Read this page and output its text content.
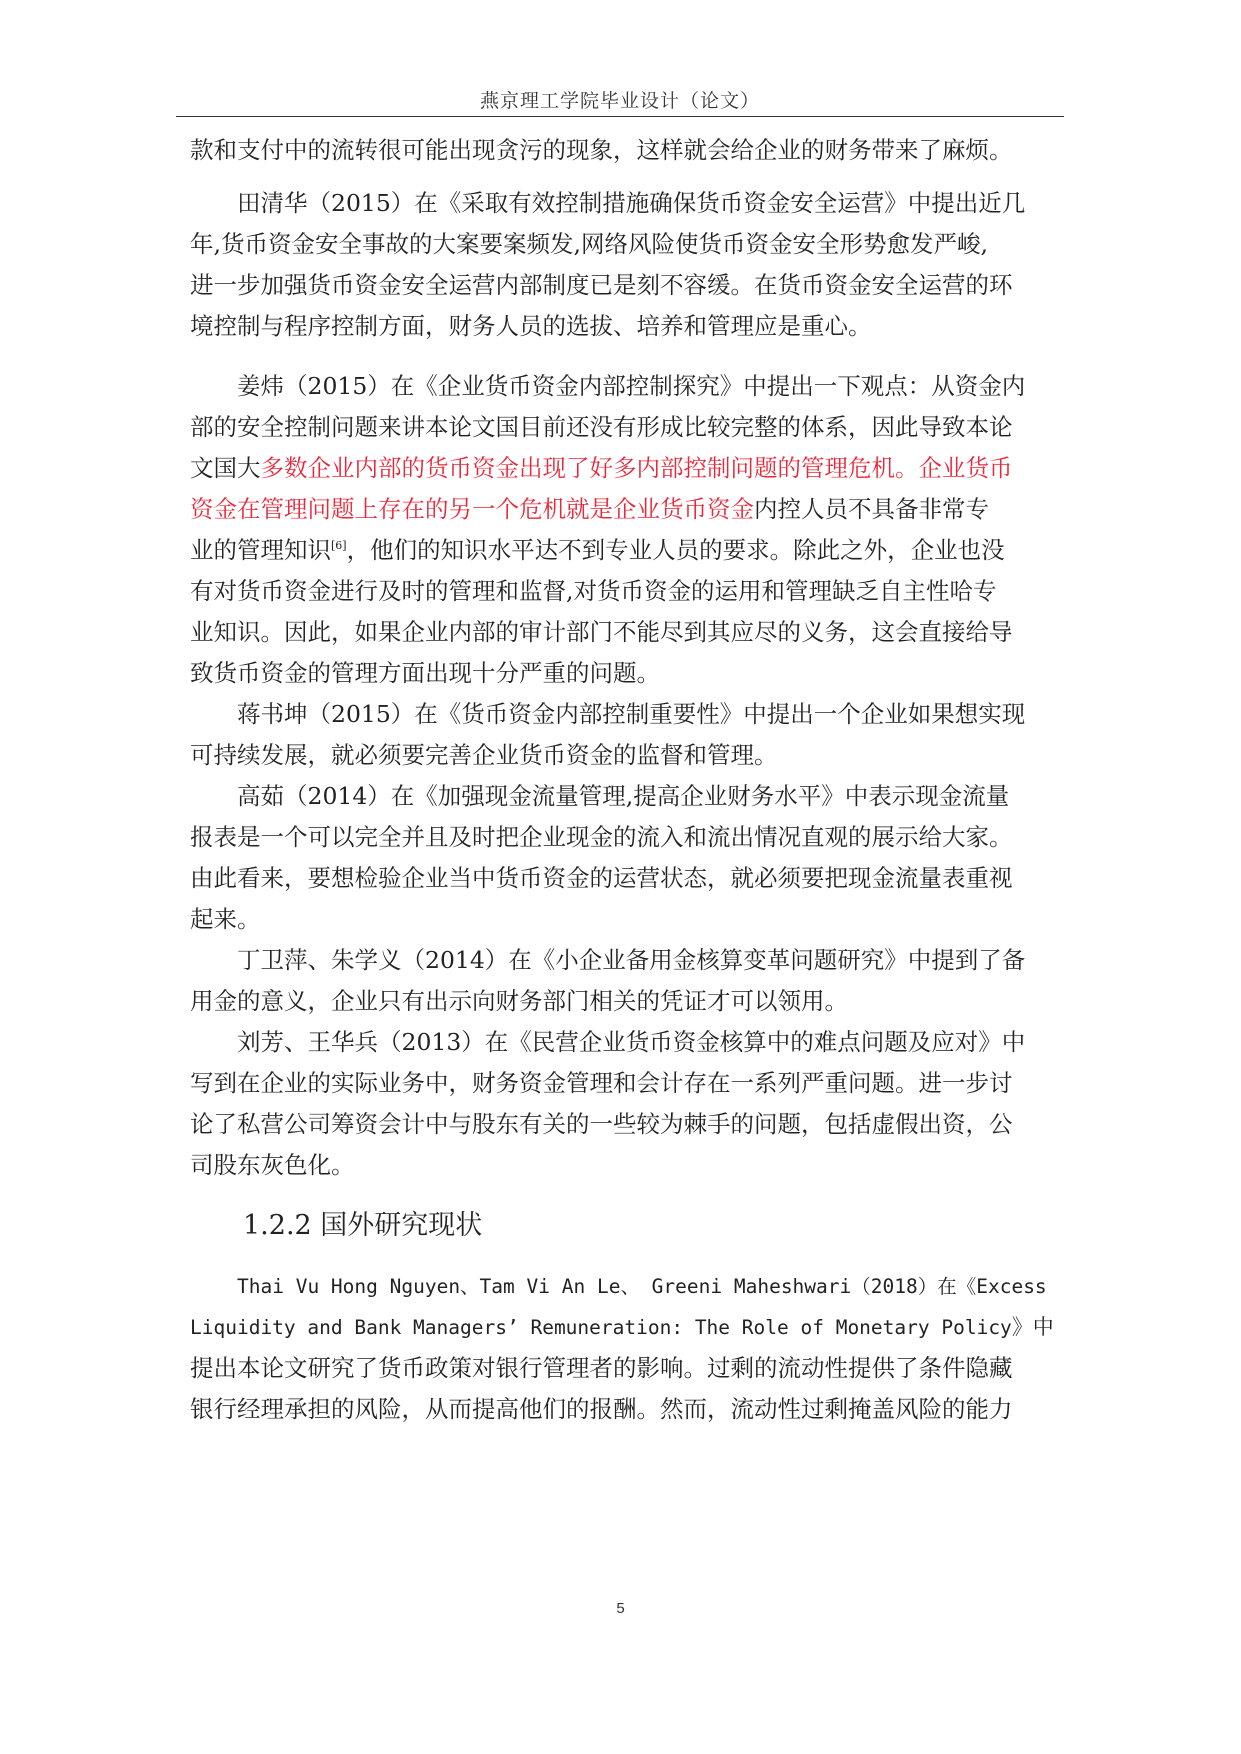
燕京理工学院毕业设计（论文）
款和支付中的流转很可能出现贪污的现象，这样就会给企业的财务带来了麻烦。
田清华（2015）在《采取有效控制措施确保货币资金安全运营》中提出近几
年,货币资金安全事故的大案要案频发,网络风险使货币资金安全形势愈发严峻,
进一步加强货币资金安全运营内部制度已是刻不容缓。在货币资金安全运营的环
境控制与程序控制方面，财务人员的选拔、培养和管理应是重心。
姜炜（2015）在《企业货币资金内部控制探究》中提出一下观点：从资金内
部的安全控制问题来讲本论文国目前还没有形成比较完整的体系，因此导致本论
文国大多数企业内部的货币资金出现了好多内部控制问题的管理危机。企业货币
资金在管理问题上存在的另一个危机就是企业货币资金内控人员不具备非常专
业的管理知识[6]，他们的知识水平达不到专业人员的要求。除此之外，企业也没
有对货币资金进行及时的管理和监督,对货币资金的运用和管理缺乏自主性哈专
业知识。因此，如果企业内部的审计部门不能尽到其应尽的义务，这会直接给导
致货币资金的管理方面出现十分严重的问题。
蒋书坤（2015）在《货币资金内部控制重要性》中提出一个企业如果想实现
可持续发展，就必须要完善企业货币资金的监督和管理。
高茹（2014）在《加强现金流量管理,提高企业财务水平》中表示现金流量
报表是一个可以完全并且及时把企业现金的流入和流出情况直观的展示给大家。
由此看来，要想检验企业当中货币资金的运营状态，就必须要把现金流量表重视
起来。
丁卫萍、朱学义（2014）在《小企业备用金核算变革问题研究》中提到了备
用金的意义，企业只有出示向财务部门相关的凭证才可以领用。
刘芳、王华兵（2013）在《民营企业货币资金核算中的难点问题及应对》中
写到在企业的实际业务中，财务资金管理和会计存在一系列严重问题。进一步讨
论了私营公司筹资会计中与股东有关的一些较为棘手的问题，包括虚假出资，公
司股东灰色化。
1.2.2 国外研究现状
Thai Vu Hong Nguyen、Tam Vi An Le、 Greeni Maheshwari（2018）在《Excess
Liquidity and Bank Managers’ Remuneration: The Role of Monetary Policy》中
提出本论文研究了货币政策对银行管理者的影响。过剩的流动性提供了条件隐藏
银行经理承担的风险，从而提高他们的报酬。然而，流动性过剩掩盖风险的能力
5
